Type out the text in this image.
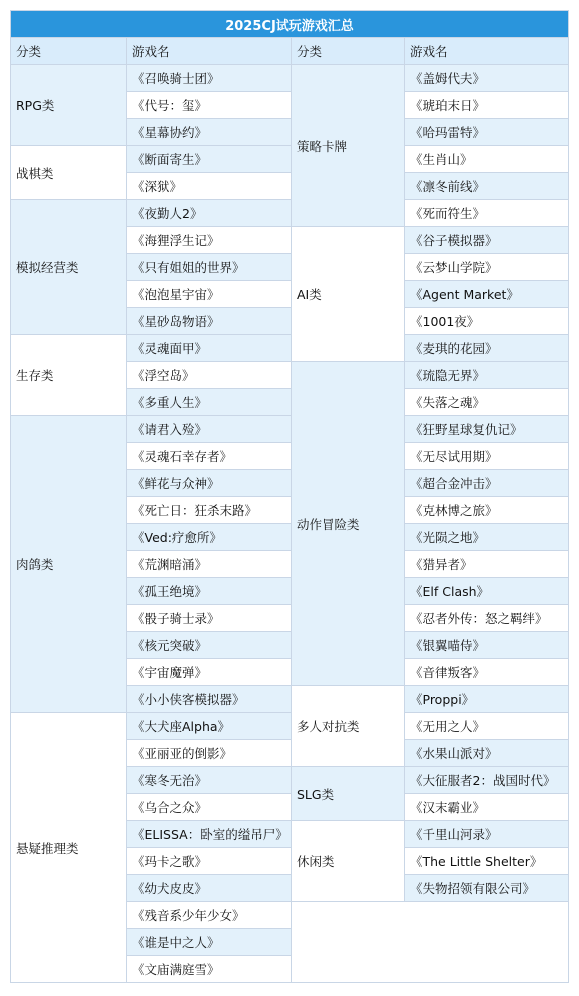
2025CJ试玩游戏汇总			
分类	游戏名	分类	游戏名
RPG类	《召唤骑士团》	策略卡牌	《盖姆代夫》
	《代号：玺》		《琥珀末日》
	《星幕协约》		《哈玛雷特》
战棋类	《断面寄生》		《生肖山》
	《深狱》		《凛冬前线》
模拟经营类	《夜勤人2》		《死而符生》
	《海狸浮生记》	AI类	《谷子模拟器》
	《只有姐姐的世界》		《云梦山学院》
	《泡泡星宇宙》		《Agent Market》
	《星砂岛物语》		《1001夜》
生存类	《灵魂面甲》		《麦琪的花园》
	《浮空岛》	动作冒险类	《琉隐无界》
	《多重人生》		《失落之魂》
肉鸽类	《请君入殓》		《狂野星球复仇记》
	《灵魂石幸存者》		《无尽试用期》
	《鲜花与众神》		《超合金冲击》
	《死亡日：狂杀末路》		《克林博之旅》
	《Ved:疗愈所》		《光陨之地》
	《荒渊暗涌》		《猎异者》
	《孤王绝境》		《Elf Clash》
	《骰子骑士录》		《忍者外传：怒之羁绊》
	《核元突破》		《银翼喵侍》
	《宇宙魔弹》		《音律叛客》
	《小小侠客模拟器》	多人对抗类	《Proppi》
悬疑推理类	《大犬座Alpha》		《无用之人》
	《亚丽亚的倒影》		《水果山派对》
	《寒冬无治》	SLG类	《大征服者2：战国时代》
	《乌合之众》		《汉末霸业》
	《ELISSA：卧室的缢吊尸》	休闲类	《千里山河录》
	《玛卡之歌》		《The Little Shelter》
	《幼犬皮皮》		《失物招领有限公司》
	《残音系少年少女》		
	《谁是中之人》		
	《文庙满庭雪》		
